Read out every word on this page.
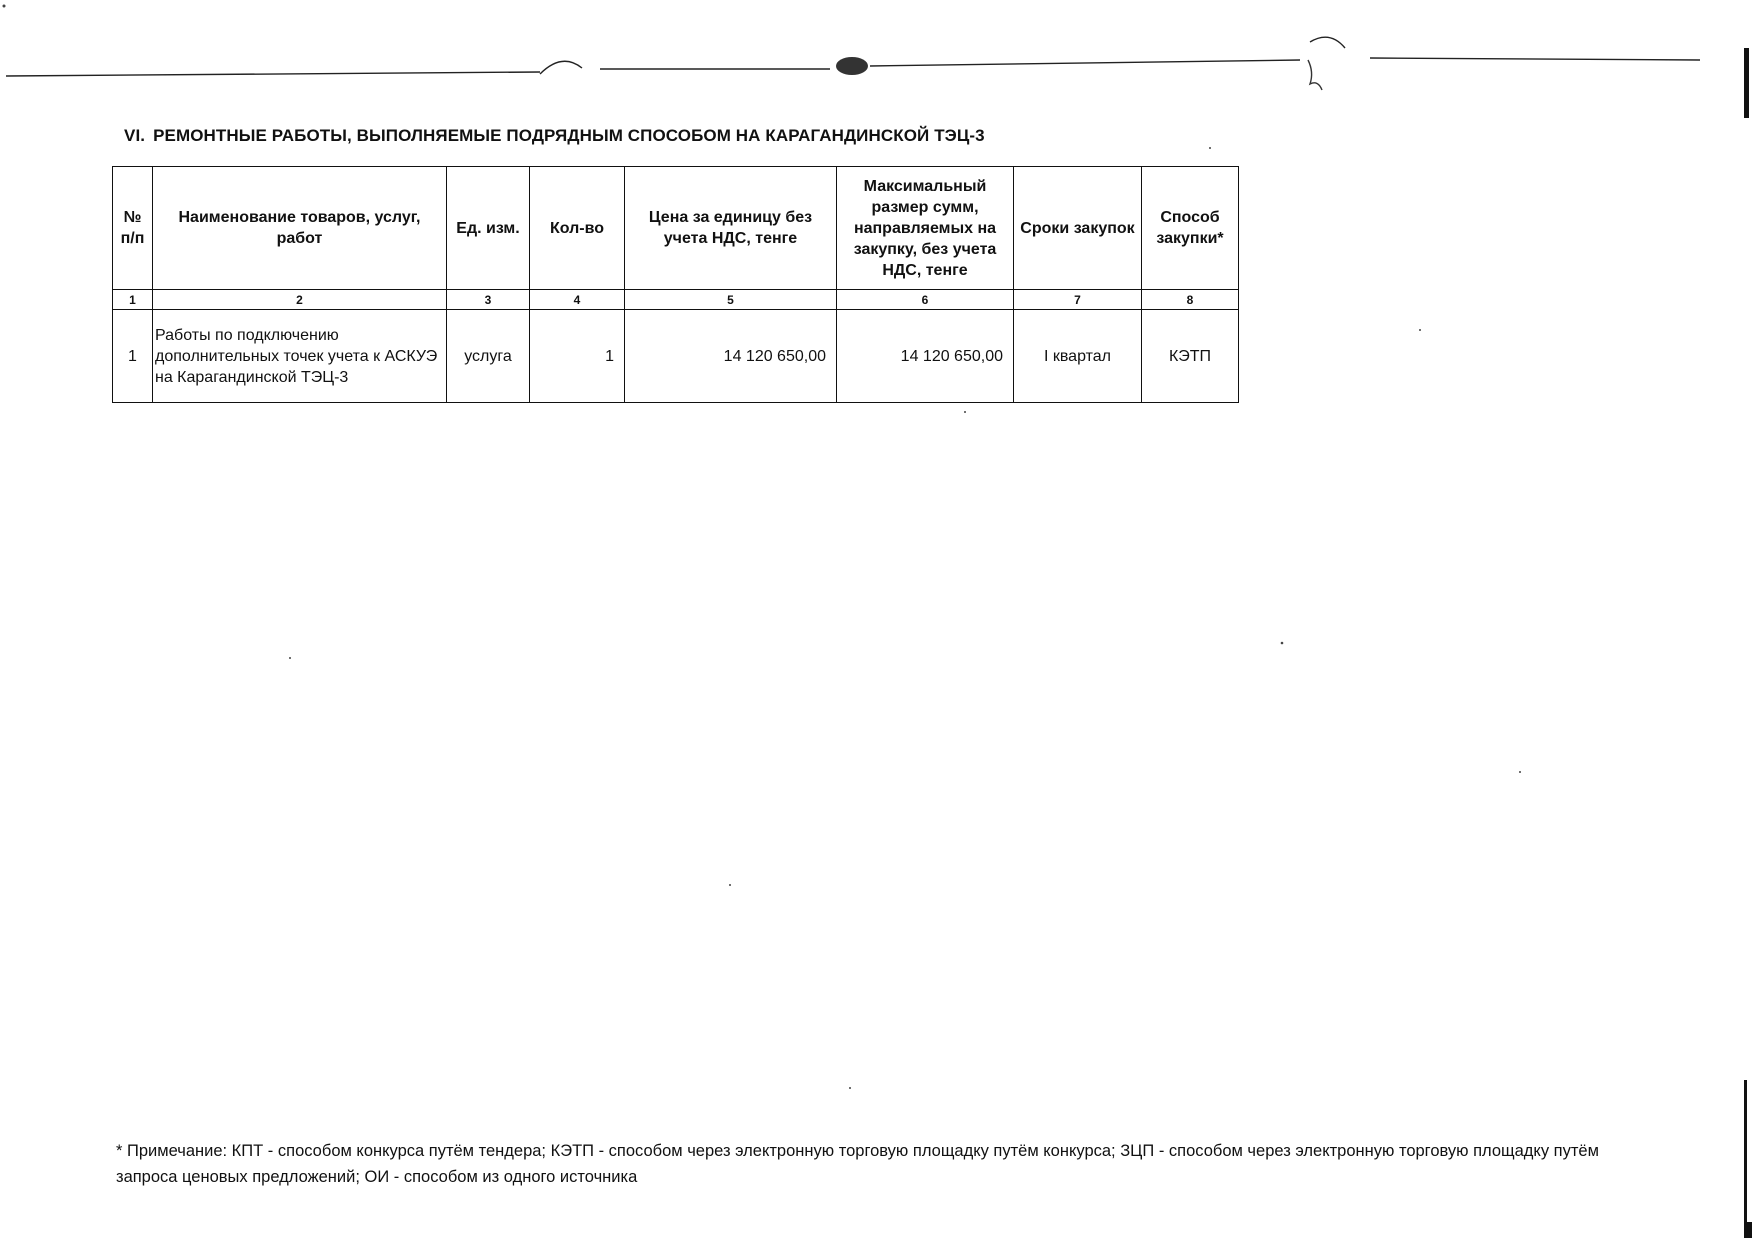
VI. РЕМОНТНЫЕ РАБОТЫ, ВЫПОЛНЯЕМЫЕ ПОДРЯДНЫМ СПОСОБОМ НА КАРАГАНДИНСКОЙ ТЭЦ-3
№ п/п	Наименование товаров, услуг, работ	Ед. изм.	Кол-во	Цена за единицу без учета НДС, тенге	Максимальный размер сумм, направляемых на закупку, без учета НДС, тенге	Сроки закупок	Способ закупки*
1	2	3	4	5	6	7	8
1	Работы по подключению дополнительных точек учета к АСКУЭ на Карагандинской ТЭЦ-3	услуга	1	14 120 650,00	14 120 650,00	I квартал	КЭТП
* Примечание: КПТ - способом конкурса путём тендера; КЭТП - способом через электронную торговую площадку путём конкурса; ЗЦП - способом через электронную торговую площадку путём запроса ценовых предложений; ОИ - способом из одного источника
